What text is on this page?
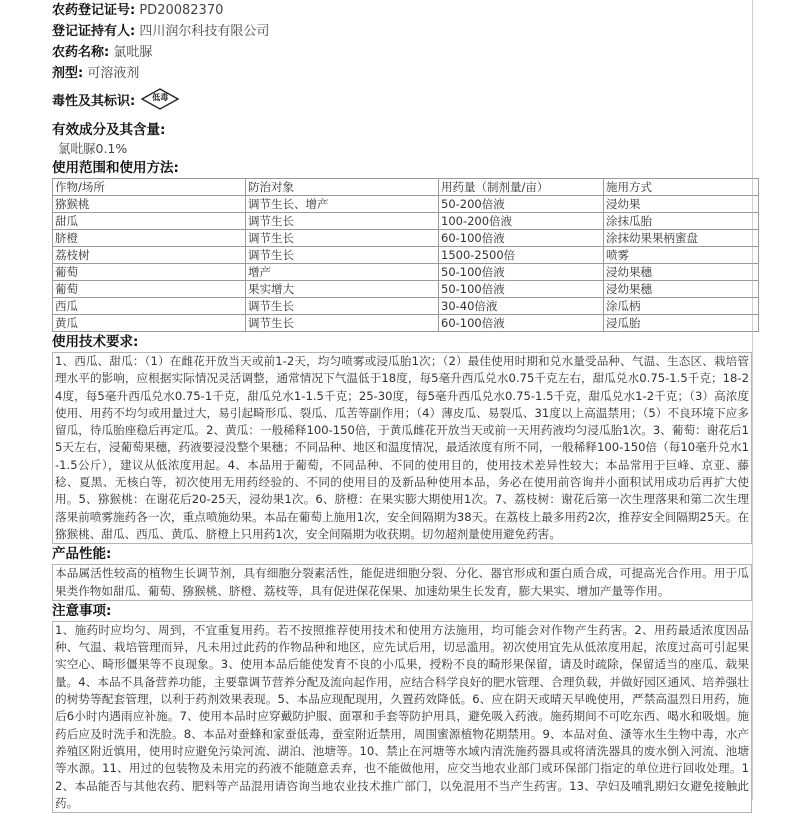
农药登记证号: PD20082370
登记证持有人: 四川润尔科技有限公司
农药名称: 氯吡脲
剂型: 可溶液剂
毒性及其标识:	低毒
有效成分及其含量:
氯吡脲0.1%
使用范围和使用方法:
作物/场所	防治对象	用药量（制剂量/亩）	施用方式
猕猴桃	调节生长、增产	50-200倍液	浸幼果
甜瓜	调节生长	100-200倍液	涂抹瓜胎
脐橙	调节生长	60-100倍液	涂抹幼果果柄蜜盘
荔枝树	调节生长	1500-2500倍	喷雾
葡萄	增产	50-100倍液	浸幼果穗
葡萄	果实增大	50-100倍液	浸幼果穗
西瓜	调节生长	30-40倍液	涂瓜柄
黄瓜	调节生长	60-100倍液	浸瓜胎
使用技术要求:
1、西瓜、甜瓜：（1）在雌花开放当天或前1-2天，均匀喷雾或浸瓜胎1次；（2）最佳使用时期和兑水量受品种、气温、生态区、栽培管理水平的影响，应根据实际情况灵活调整，通常情况下气温低于18度，每5毫升西瓜兑水0.75千克左右，甜瓜兑水0.75-1.5千克；18-24度，每5毫升西瓜兑水0.75-1千克，甜瓜兑水1-1.5千克；25-30度，每5毫升西瓜兑水0.75-1.5千克，甜瓜兑水1-2千克；（3）高浓度使用、用药不均匀或用量过大，易引起畸形瓜、裂瓜、瓜苦等副作用；（4）薄皮瓜、易裂瓜、31度以上高温禁用；（5）不良环境下应多留瓜，待瓜胎座稳后再定瓜。2、黄瓜：一般稀释100-150倍，于黄瓜雌花开放当天或前一天用药液均匀浸瓜胎1次。3、葡萄：谢花后15天左右，浸葡萄果穗，药液要浸没整个果穗；不同品种、地区和温度情况，最适浓度有所不同，一般稀释100-150倍（每10毫升兑水1-1.5公斤），建议从低浓度用起。4、本品用于葡萄，不同品种、不同的使用目的，使用技术差异性较大；本品常用于巨峰、京亚、藤稔、夏黑、无核白等，初次使用无用药经验的、不同的使用目的及新品种使用本品，务必在使用前咨询并小面积试用成功后再扩大使用。5、猕猴桃：在谢花后20-25天，浸幼果1次。6、脐橙：在果实膨大期使用1次。7、荔枝树：谢花后第一次生理落果和第二次生理落果前喷雾施药各一次，重点喷施幼果。本品在葡萄上施用1次，安全间隔期为38天。在荔枝上最多用药2次，推荐安全间隔期25天。在猕猴桃、甜瓜、西瓜、黄瓜、脐橙上只用药1次，安全间隔期为收获期。切勿超剂量使用避免药害。
产品性能:
本品属活性较高的植物生长调节剂，具有细胞分裂素活性，能促进细胞分裂、分化、器官形成和蛋白质合成，可提高光合作用。用于瓜果类作物如甜瓜、葡萄、猕猴桃、脐橙、荔枝等，具有促进保花保果、加速幼果生长发育，膨大果实、增加产量等作用。
注意事项:
1、施药时应均匀、周到，不宜重复用药。若不按照推荐使用技术和使用方法施用，均可能会对作物产生药害。2、用药最适浓度因品种、气温、栽培管理而异，凡未用过此药的作物品种和地区，应先试后用，切忌滥用。初次使用宜先从低浓度用起，浓度过高可引起果实空心、畸形僵果等不良现象。3、使用本品后能使发育不良的小瓜果，授粉不良的畸形果保留，请及时疏除，保留适当的座瓜、载果量。4、本品不具备营养功能，主要靠调节营养分配及流向起作用，应结合科学良好的肥水管理、合理负载，并做好园区通风、培养强壮的树势等配套管理，以利于药剂效果表现。5、本品应现配现用，久置药效降低。6、应在阴天或晴天早晚使用，严禁高温烈日用药，施后6小时内遇雨应补施。7、使用本品时应穿戴防护服、面罩和手套等防护用具，避免吸入药液。施药期间不可吃东西、喝水和吸烟。施药后应及时洗手和洗脸。8、本品对蚕蜂和家蚕低毒，蚕室附近禁用，周围蜜源植物花期禁用。9、本品对鱼、溞等水生生物中毒，水产养殖区附近慎用，使用时应避免污染河流、湖泊、池塘等。10、禁止在河塘等水域内清洗施药器具或将清洗器具的废水倒入河流、池塘等水源。11、用过的包装物及未用完的药液不能随意丢弃，也不能做他用，应交当地农业部门或环保部门指定的单位进行回收处理。12、本品能否与其他农药、肥料等产品混用请咨询当地农业技术推广部门，以免混用不当产生药害。13、孕妇及哺乳期妇女避免接触此药。
